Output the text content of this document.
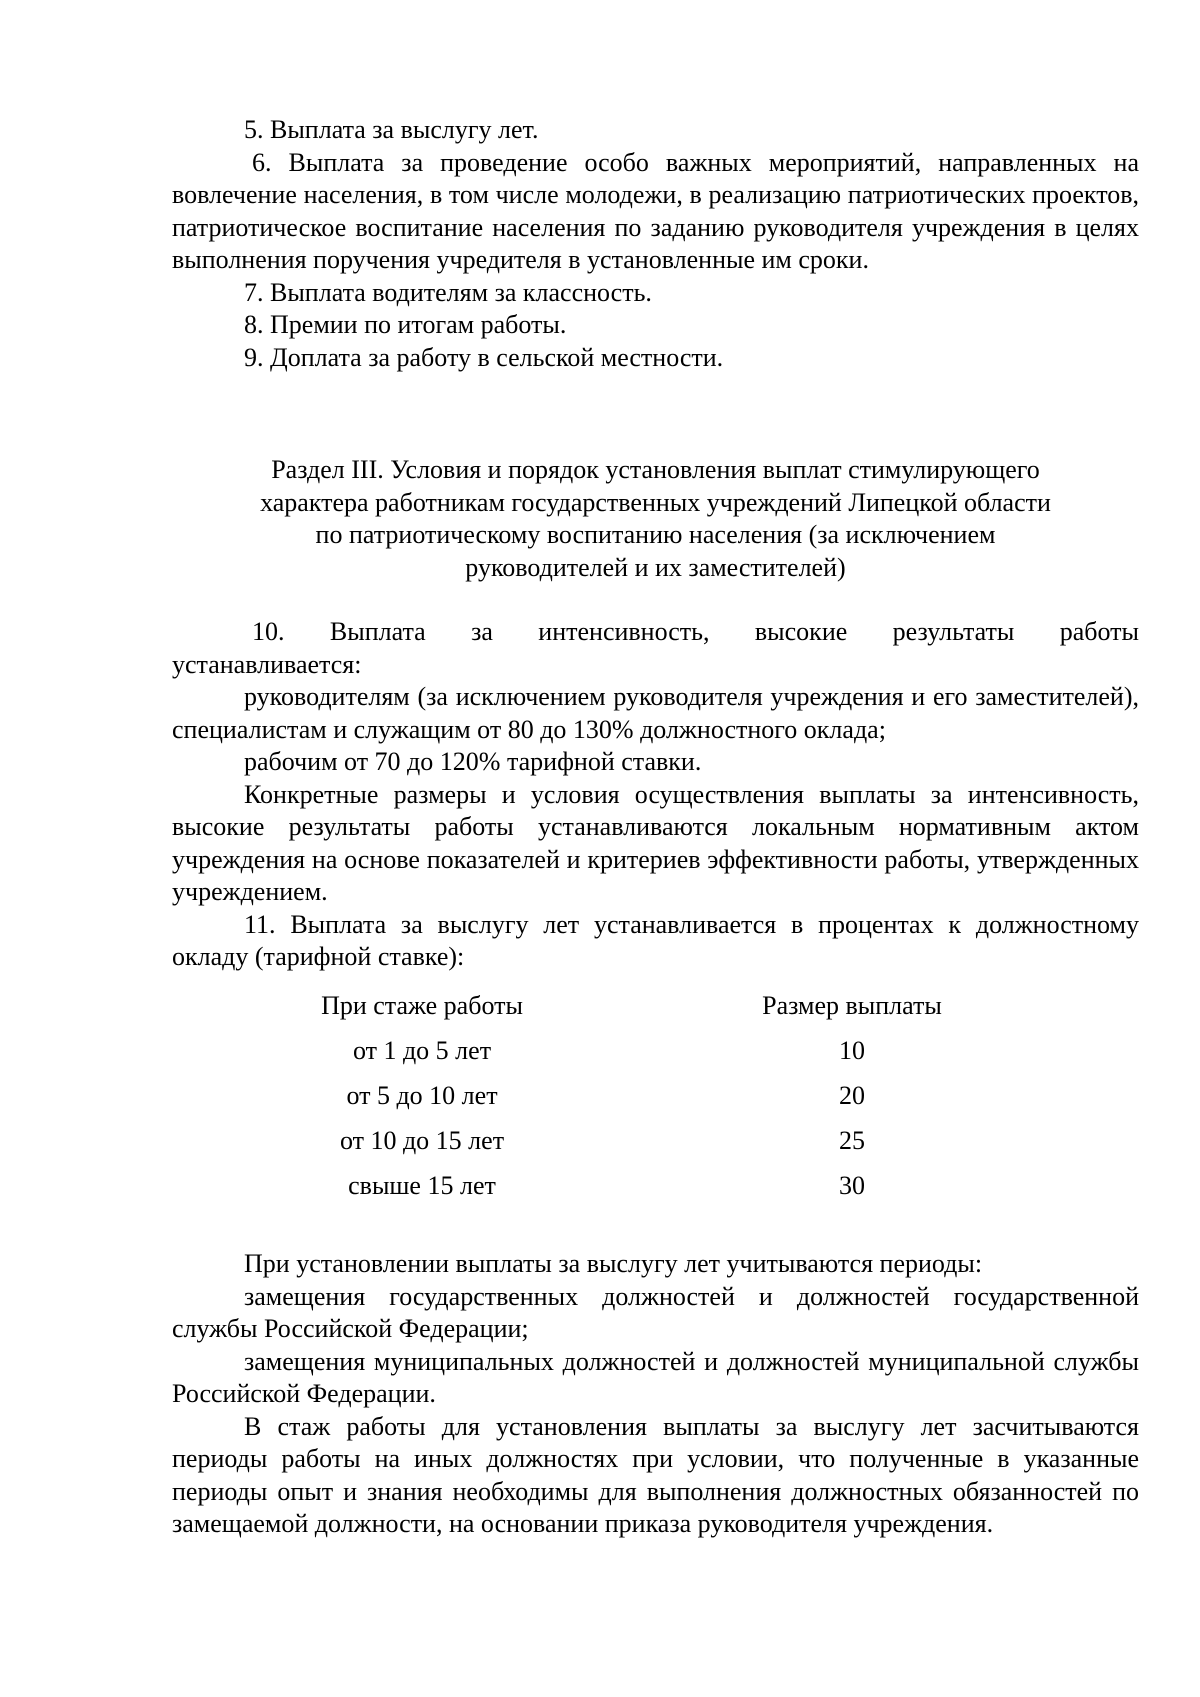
5. Выплата за выслугу лет.
6. Выплата за проведение особо важных мероприятий, направленных на вовлечение населения, в том числе молодежи, в реализацию патриотических проектов, патриотическое воспитание населения по заданию руководителя учреждения в целях выполнения поручения учредителя в установленные им сроки.
7. Выплата водителям за классность.
8. Премии по итогам работы.
9. Доплата за работу в сельской местности.
Раздел III. Условия и порядок установления выплат стимулирующего
характера работникам государственных учреждений Липецкой области
по патриотическому воспитанию населения (за исключением
руководителей и их заместителей)
10. Выплата за интенсивность, высокие результаты работы
устанавливается:
руководителям (за исключением руководителя учреждения и его заместителей), специалистам и служащим от 80 до 130% должностного оклада;
рабочим от 70 до 120% тарифной ставки.
Конкретные размеры и условия осуществления выплаты за интенсивность, высокие результаты работы устанавливаются локальным нормативным актом учреждения на основе показателей и критериев эффективности работы, утвержденных учреждением.
11. Выплата за выслугу лет устанавливается в процентах к должностному окладу (тарифной ставке):
При стаже работы	Размер выплаты
от 1 до 5 лет	10
от 5 до 10 лет	20
от 10 до 15 лет	25
свыше 15 лет	30
При установлении выплаты за выслугу лет учитываются периоды:
замещения государственных должностей и должностей государственной службы Российской Федерации;
замещения муниципальных должностей и должностей муниципальной службы Российской Федерации.
В стаж работы для установления выплаты за выслугу лет засчитываются периоды работы на иных должностях при условии, что полученные в указанные периоды опыт и знания необходимы для выполнения должностных обязанностей по замещаемой должности, на основании приказа руководителя учреждения.
